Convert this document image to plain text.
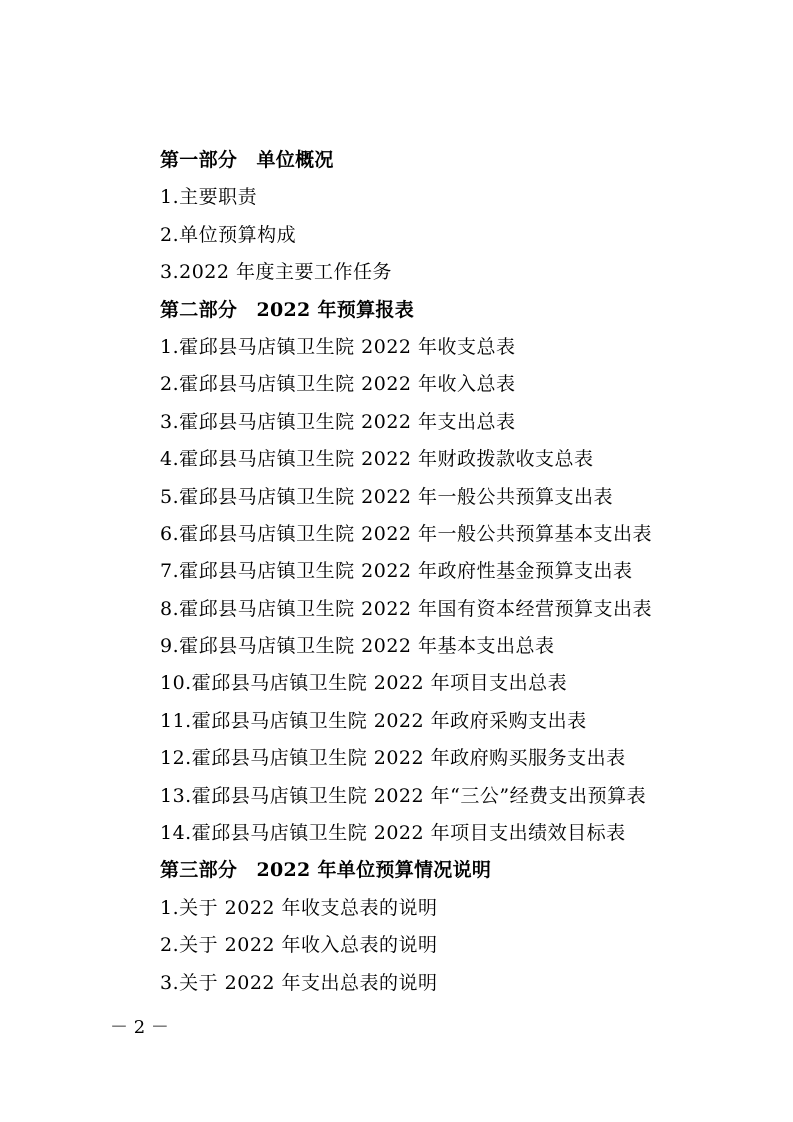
第一部分　单位概况
1.主要职责
2.单位预算构成
3.2022 年度主要工作任务
第二部分　2022 年预算报表
1.霍邱县马店镇卫生院 2022 年收支总表
2.霍邱县马店镇卫生院 2022 年收入总表
3.霍邱县马店镇卫生院 2022 年支出总表
4.霍邱县马店镇卫生院 2022 年财政拨款收支总表
5.霍邱县马店镇卫生院 2022 年一般公共预算支出表
6.霍邱县马店镇卫生院 2022 年一般公共预算基本支出表
7.霍邱县马店镇卫生院 2022 年政府性基金预算支出表
8.霍邱县马店镇卫生院 2022 年国有资本经营预算支出表
9.霍邱县马店镇卫生院 2022 年基本支出总表
10.霍邱县马店镇卫生院 2022 年项目支出总表
11.霍邱县马店镇卫生院 2022 年政府采购支出表
12.霍邱县马店镇卫生院 2022 年政府购买服务支出表
13.霍邱县马店镇卫生院 2022 年“三公”经费支出预算表
14.霍邱县马店镇卫生院 2022 年项目支出绩效目标表
第三部分　2022 年单位预算情况说明
1.关于 2022 年收支总表的说明
2.关于 2022 年收入总表的说明
3.关于 2022 年支出总表的说明
－ 2 －
